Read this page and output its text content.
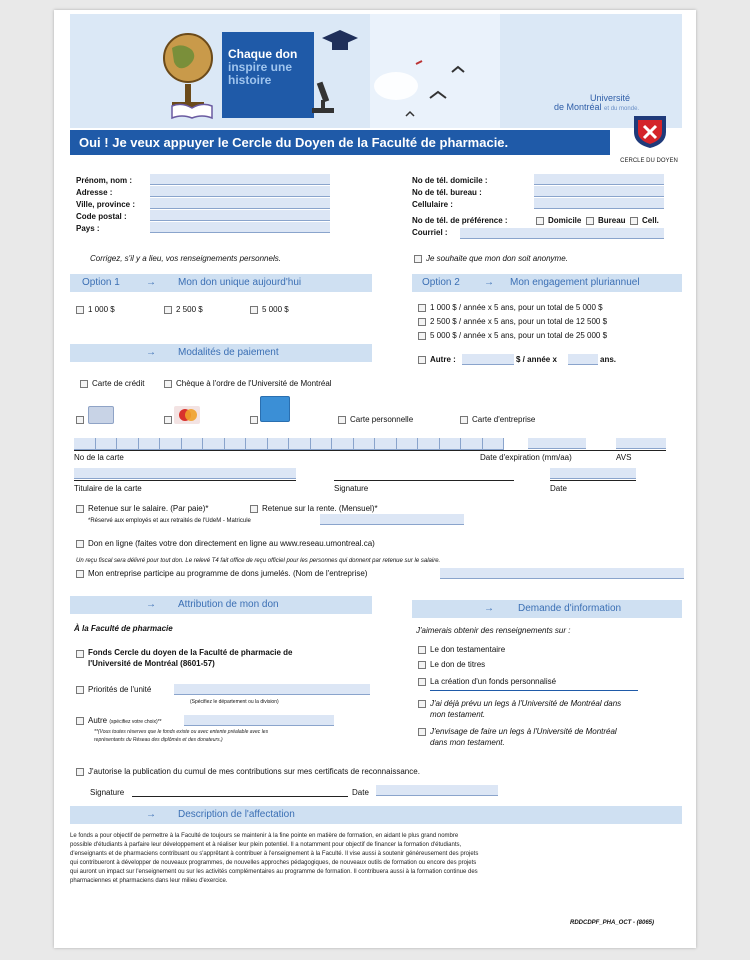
Chaque don
inspire une
histoire
Université
de Montréal et du monde.
Oui ! Je veux appuyer le Cercle du Doyen de la Faculté de pharmacie.
CERCLE DU DOYEN
Prénom, nom :
Adresse :
Ville, province :
Code postal :
Pays :
No de tél. domicile :
No de tél. bureau :
Cellulaire :
No de tél. de préférence :
Courriel :
Domicile Bureau Cell.
Corrigez, s'il y a lieu, vos renseignements personnels.	Je souhaite que mon don soit anonyme.
Option 1	→ Mon don unique aujourd'hui
1 000 $	2 500 $	5 000 $
Option 2 → Mon engagement pluriannuel
1 000 $ / année x 5 ans, pour un total de 5 000 $
2 500 $ / année x 5 ans, pour un total de 12 500 $
5 000 $ / année x 5 ans, pour un total de 25 000 $
Autre :	$ / année x	ans.
→ Modalités de paiement
Carte de crédit	Chèque à l'ordre de l'Université de Montréal
Carte personnelle	Carte d'entreprise
No de la carte	Date d'expiration (mm/aa)	AVS
Titulaire de la carte	Signature	Date
Retenue sur le salaire. (Par paie)*	Retenue sur la rente. (Mensuel)*
*Réservé aux employés et aux retraités de l'UdeM - Matricule
Don en ligne (faites votre don directement en ligne au www.reseau.umontreal.ca)
Un reçu fiscal sera délivré pour tout don. Le relevé T4 fait office de reçu officiel pour les personnes qui donnent par retenue sur le salaire.
Mon entreprise participe au programme de dons jumelés. (Nom de l'entreprise)
→ Attribution de mon don
À la Faculté de pharmacie
Fonds Cercle du doyen de la Faculté de pharmacie de
l'Université de Montréal (8601-57)
Priorités de l'unité
(Spécifiez le département ou la division)
Autre (spécifiez votre choix)**
**(Vous toutes réserves que le fonds existe ou avec entente préalable avec les
représentants du Réseau des diplômés et des donateurs.)
→ Demande d'information
J'aimerais obtenir des renseignements sur :
Le don testamentaire
Le don de titres
La création d'un fonds personnalisé
J'ai déjà prévu un legs à l'Université de Montréal dans
mon testament.
J'envisage de faire un legs à l'Université de Montréal
dans mon testament.
J'autorise la publication du cumul de mes contributions sur mes certificats de reconnaissance.
Signature	Date
→ Description de l'affectation
Le fonds a pour objectif de permettre à la Faculté de toujours se maintenir à la fine pointe en matière de formation, en aidant le plus grand nombre
possible d'étudiants à parfaire leur développement et à réaliser leur plein potentiel. Il a notamment pour objectif de financer la formation d'étudiants,
d'enseignants et de pharmaciens contribuant ou s'apprêtant à contribuer à l'enseignement à la Faculté. Il vise aussi à soutenir généreusement des projets
qui contribueront à développer de nouveaux programmes, de nouvelles approches pédagogiques, de nouveaux outils de formation ou encore des projets
qui auront un impact sur l'enseignement ou sur les activités complémentaires au programme de formation. Il contribuera aussi à la formation continue des
pharmaciennes et pharmaciens dans leur milieu d'exercice.
RDDCDPF_PHA_OCT - (8065)
